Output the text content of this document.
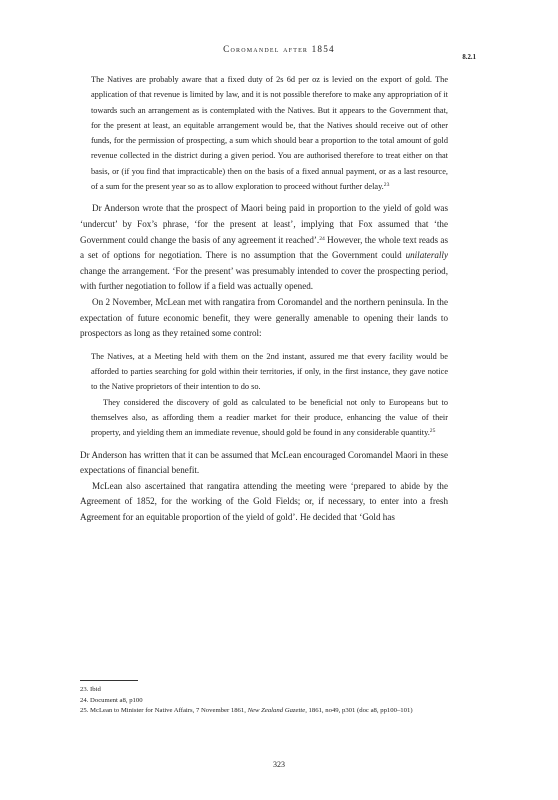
Coromandel after 1854
8.2.1

The Natives are probably aware that a fixed duty of 2s 6d per oz is levied on the export of gold. The application of that revenue is limited by law, and it is not possible therefore to make any appropriation of it towards such an arrangement as is contemplated with the Natives. But it appears to the Government that, for the present at least, an equitable arrangement would be, that the Natives should receive out of other funds, for the permission of prospecting, a sum which should bear a proportion to the total amount of gold revenue collected in the district during a given period. You are authorised therefore to treat either on that basis, or (if you find that impracticable) then on the basis of a fixed annual payment, or as a last resource, of a sum for the present year so as to allow exploration to proceed without further delay.$^{23}$

Dr Anderson wrote that the prospect of Maori being paid in proportion to the yield of gold was ‘undercut’ by Fox’s phrase, ‘for the present at least’, implying that Fox assumed that ‘the Government could change the basis of any agreement it reached’.$^{24}$ However, the whole text reads as a set of options for negotiation. There is no assumption that the Government could unilaterally change the arrangement. ‘For the present’ was presumably intended to cover the prospecting period, with further negotiation to follow if a field was actually opened.

On 2 November, McLean met with rangatira from Coromandel and the northern peninsula. In the expectation of future economic benefit, they were generally amenable to opening their lands to prospectors as long as they retained some control:

The Natives, at a Meeting held with them on the 2nd instant, assured me that every facility would be afforded to parties searching for gold within their territories, if only, in the first instance, they gave notice to the Native proprietors of their intention to do so.

They considered the discovery of gold as calculated to be beneficial not only to Europeans but to themselves also, as affording them a readier market for their produce, enhancing the value of their property, and yielding them an immediate revenue, should gold be found in any considerable quantity.$^{25}$

Dr Anderson has written that it can be assumed that McLean encouraged Coromandel Maori in these expectations of financial benefit.

McLean also ascertained that rangatira attending the meeting were ‘prepared to abide by the Agreement of 1852, for the working of the Gold Fields; or, if necessary, to enter into a fresh Agreement for an equitable proportion of the yield of gold’. He decided that ‘Gold has

23. Ibid
24. Document a8, p100
25. McLean to Minister for Native Affairs, 7 November 1861, New Zealand Gazette, 1861, no49, p301 (doc a8, pp100–101)
323
